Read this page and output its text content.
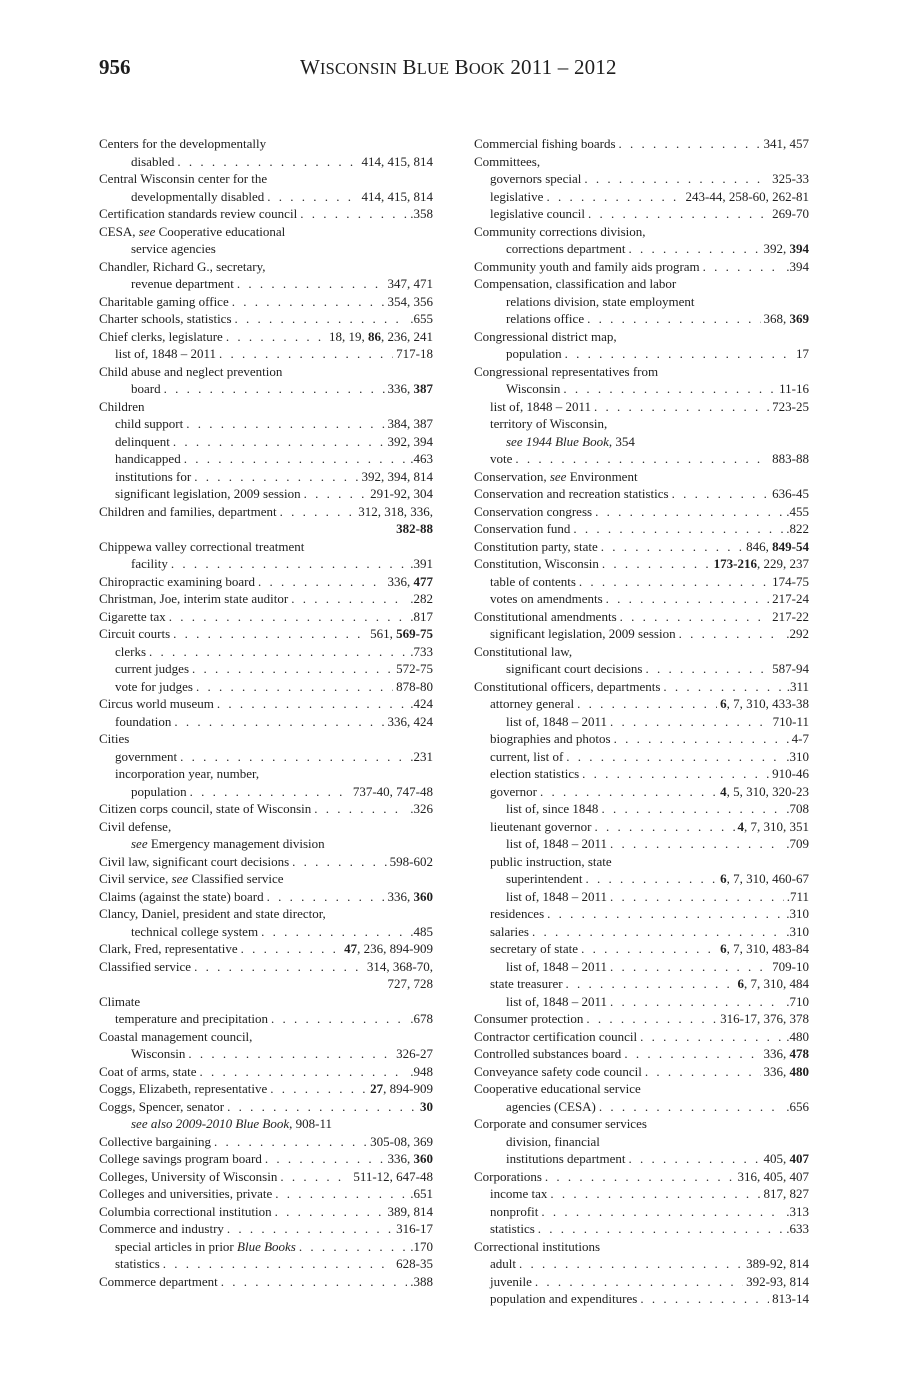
956	WISCONSIN BLUE BOOK 2011 – 2012
Centers for the developmentally
disabled . . .	414, 415, 814
Central Wisconsin center for the
developmentally disabled . . .	414, 415, 814
Certification standards review council . . .	.358
CESA, see Cooperative educational
service agencies
Chandler, Richard G., secretary,
revenue department . . .	347, 471
Charitable gaming office . . .	354, 356
Charter schools, statistics . . .	.655
Chief clerks, legislature . . .	18, 19, 86, 236, 241
list of, 1848 – 2011 . . .	717-18
Child abuse and neglect prevention
board . . .	336, 387
Children
child support . . .	384, 387
delinquent . . .	392, 394
handicapped . . .	.463
institutions for . . .	392, 394, 814
significant legislation, 2009 session . . .	291-92, 304
Children and families, department . . .	312, 318, 336,
382-88
Chippewa valley correctional treatment
facility . . .	.391
Chiropractic examining board . . .	336, 477
Christman, Joe, interim state auditor . . .	.282
Cigarette tax . . .	.817
Circuit courts . . .	561, 569-75
clerks . . .	.733
current judges . . .	572-75
vote for judges . . .	878-80
Circus world museum . . .	.424
foundation . . .	336, 424
Cities
government . . .	.231
incorporation year, number,
population . . .	737-40, 747-48
Citizen corps council, state of Wisconsin . . .	.326
Civil defense,
see Emergency management division
Civil law, significant court decisions . . .	598-602
Civil service, see Classified service
Claims (against the state) board . . .	336, 360
Clancy, Daniel, president and state director,
technical college system . . .	.485
Clark, Fred, representative . . .	47, 236, 894-909
Classified service . . .	314, 368-70,
727, 728
Climate
temperature and precipitation . . .	.678
Coastal management council,
Wisconsin . . .	326-27
Coat of arms, state . . .	.948
Coggs, Elizabeth, representative . . .	27, 894-909
Coggs, Spencer, senator . . .	30
see also 2009-2010 Blue Book, 908-11
Collective bargaining . . .	305-08, 369
College savings program board . . .	336, 360
Colleges, University of Wisconsin . . .	511-12, 647-48
Colleges and universities, private . . .	.651
Columbia correctional institution . . .	389, 814
Commerce and industry . . .	316-17
special articles in prior Blue Books . . .	.170
statistics . . .	628-35
Commerce department . . .	.388
Commercial fishing boards . . .	341, 457
Committees,
governors special . . .	325-33
legislative . . .	243-44, 258-60, 262-81
legislative council . . .	269-70
Community corrections division,
corrections department . . .	392, 394
Community youth and family aids program . . .	.394
Compensation, classification and labor
relations division, state employment
relations office . . .	368, 369
Congressional district map,
population . . .	17
Congressional representatives from
Wisconsin . . .	11-16
list of, 1848 – 2011 . . .	723-25
territory of Wisconsin,
see 1944 Blue Book, 354
vote . . .	883-88
Conservation, see Environment
Conservation and recreation statistics . . .	636-45
Conservation congress . . .	.455
Conservation fund . . .	.822
Constitution party, state . . .	846, 849-54
Constitution, Wisconsin . . .	173-216, 229, 237
table of contents . . .	174-75
votes on amendments . . .	217-24
Constitutional amendments . . .	217-22
significant legislation, 2009 session . . .	.292
Constitutional law,
significant court decisions . . .	587-94
Constitutional officers, departments . . .	.311
attorney general . . .	6, 7, 310, 433-38
list of, 1848 – 2011 . . .	710-11
biographies and photos . . .	4-7
current, list of . . .	.310
election statistics . . .	910-46
governor . . .	4, 5, 310, 320-23
list of, since 1848 . . .	.708
lieutenant governor . . .	4, 7, 310, 351
list of, 1848 – 2011 . . .	.709
public instruction, state
superintendent . . .	6, 7, 310, 460-67
list of, 1848 – 2011 . . .	.711
residences . . .	.310
salaries . . .	.310
secretary of state . . .	6, 7, 310, 483-84
list of, 1848 – 2011 . . .	709-10
state treasurer . . .	6, 7, 310, 484
list of, 1848 – 2011 . . .	.710
Consumer protection . . .	316-17, 376, 378
Contractor certification council . . .	.480
Controlled substances board . . .	336, 478
Conveyance safety code council . . .	336, 480
Cooperative educational service
agencies (CESA) . . .	.656
Corporate and consumer services
division, financial
institutions department . . .	405, 407
Corporations . . .	316, 405, 407
income tax . . .	817, 827
nonprofit . . .	.313
statistics . . .	.633
Correctional institutions
adult . . .	389-92, 814
juvenile . . .	392-93, 814
population and expenditures . . .	813-14
